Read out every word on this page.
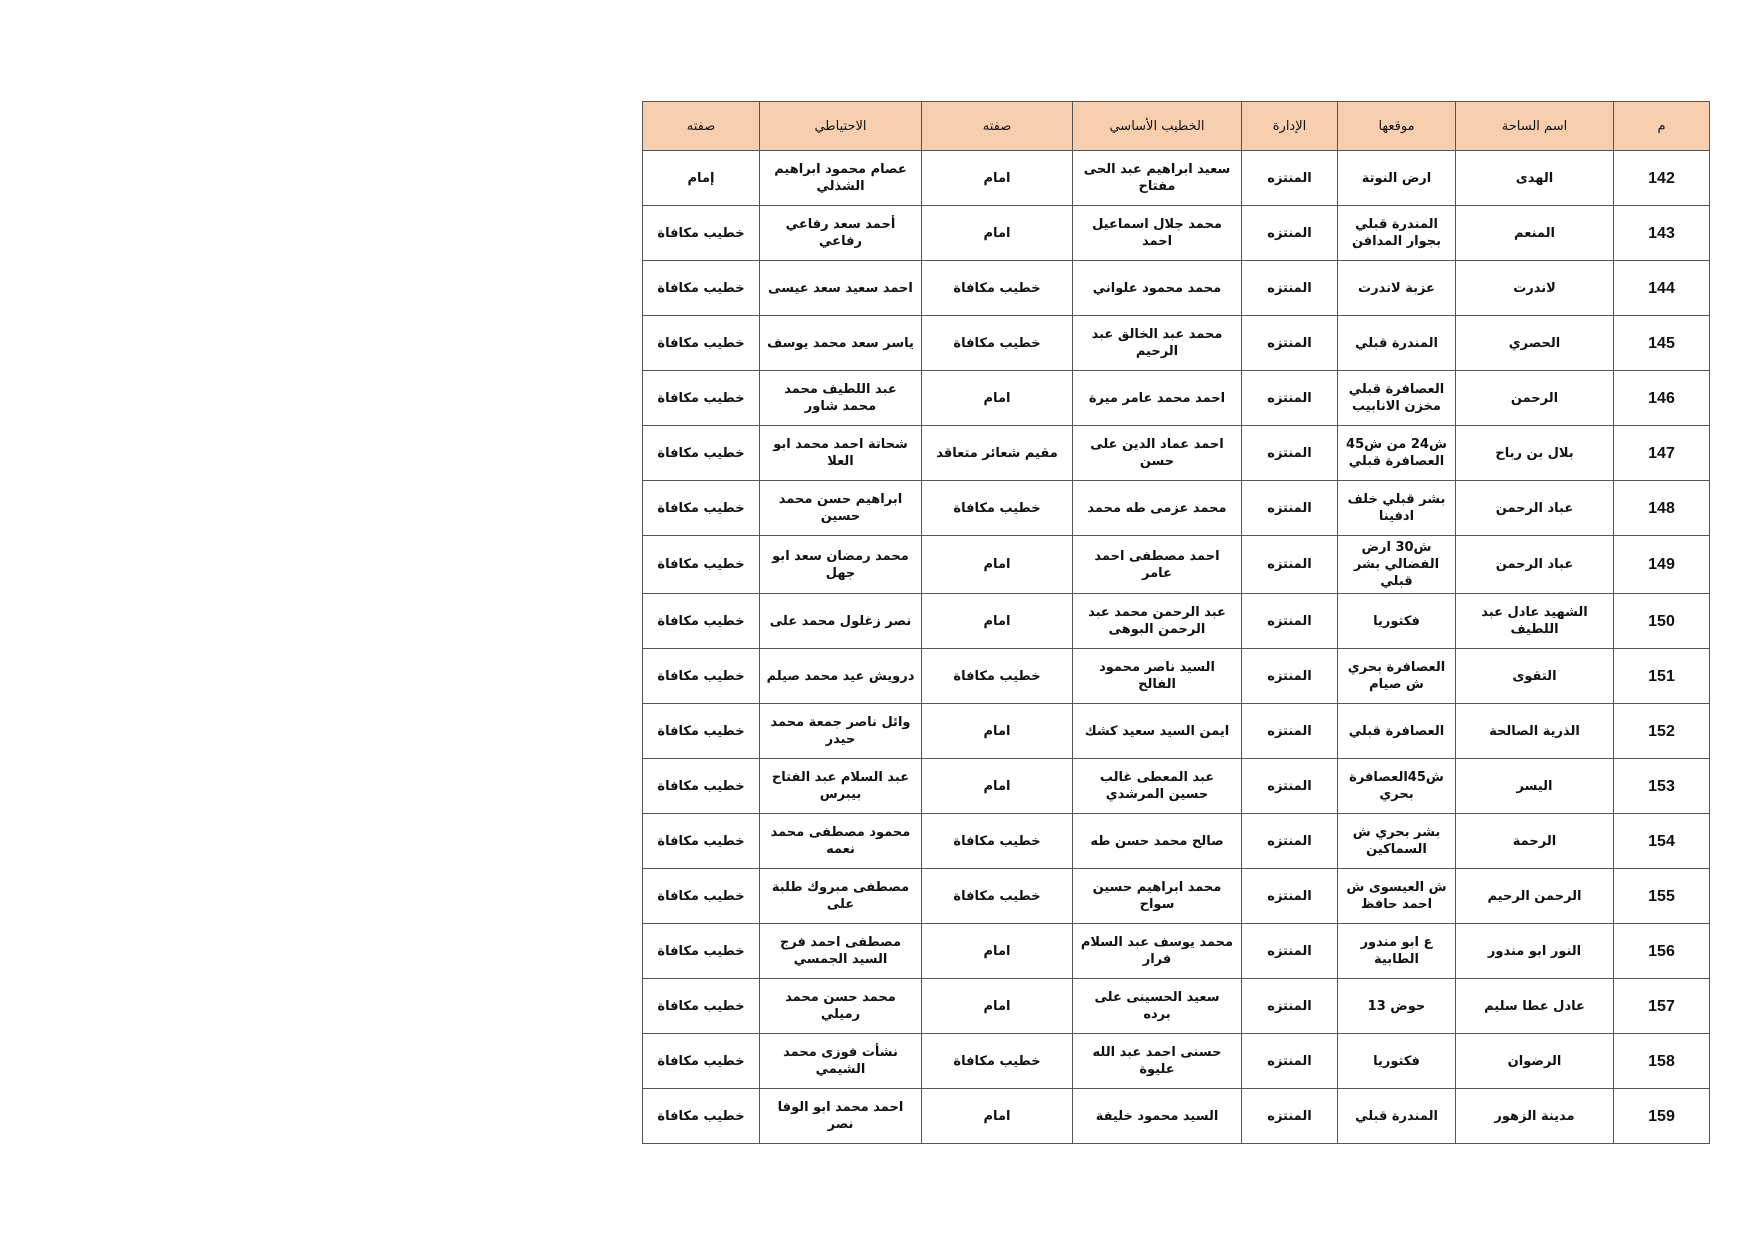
م	اسم الساحة	موقعها	الإدارة	الخطيب الأساسي	صفته	الاحتياطي	صفته
142	الهدى	ارض النوتة	المنتزه	سعيد ابراهيم عبد الحى مفتاح	امام	عصام محمود ابراهيم الشذلي	إمام
143	المنعم	المندرة قبلي بجوار المدافن	المنتزه	محمد جلال اسماعيل احمد	امام	أحمد سعد رفاعي رفاعي	خطيب مكافاة
144	لاندرت	عزبة لاندرت	المنتزه	محمد محمود علواني	خطيب مكافاة	احمد سعيد سعد عيسى	خطيب مكافاة
145	الحصري	المندرة قبلي	المنتزه	محمد عبد الخالق عبد الرحيم	خطيب مكافاة	ياسر سعد محمد يوسف	خطيب مكافاة
146	الرحمن	العصافرة قبلي مخزن الانابيب	المنتزه	احمد محمد عامر ميرة	امام	عبد اللطيف محمد محمد شاور	خطيب مكافاة
147	بلال بن رباح	ش24 من ش45 العصافرة قبلي	المنتزه	احمد عماد الدين على حسن	مقيم شعائر متعاقد	شحاتة احمد محمد ابو العلا	خطيب مكافاة
148	عباد الرحمن	بشر قبلي خلف ادفينا	المنتزه	محمد عزمى طه محمد	خطيب مكافاة	ابراهيم حسن محمد حسين	خطيب مكافاة
149	عباد الرحمن	ش30 ارض الفضالي بشر قبلي	المنتزه	احمد مصطفى احمد عامر	امام	محمد رمضان سعد ابو جهل	خطيب مكافاة
150	الشهيد عادل عبد اللطيف	فكتوريا	المنتزه	عبد الرحمن محمد عبد الرحمن البوهى	امام	نصر زغلول محمد على	خطيب مكافاة
151	التقوى	العصافرة بحري ش صيام	المنتزه	السيد ناصر محمود الفالح	خطيب مكافاة	درويش عيد محمد صيلم	خطيب مكافاة
152	الذرية الصالحة	العصافرة قبلي	المنتزه	ايمن السيد سعيد كشك	امام	وائل ناصر جمعة محمد حيدر	خطيب مكافاة
153	اليسر	ش45العصافرة بحري	المنتزه	عبد المعطى غالب حسين المرشدي	امام	عبد السلام عبد الفتاح بيبرس	خطيب مكافاة
154	الرحمة	بشر بحري ش السماكين	المنتزه	صالح محمد حسن طه	خطيب مكافاة	محمود مصطفى محمد نعمه	خطيب مكافاة
155	الرحمن الرحيم	ش العيسوى ش احمد حافظ	المنتزه	محمد ابراهيم حسين سواح	خطيب مكافاة	مصطفى مبروك طلبة على	خطيب مكافاة
156	النور ابو مندور	ع ابو مندور الطابية	المنتزه	محمد يوسف عبد السلام فرار	امام	مصطفى احمد فرج السيد الجمسي	خطيب مكافاة
157	عادل عطا سليم	حوض 13	المنتزه	سعيد الحسينى على برده	امام	محمد حسن محمد رميلي	خطيب مكافاة
158	الرضوان	فكتوريا	المنتزه	حسنى احمد عبد الله عليوة	خطيب مكافاة	نشأت فوزى محمد الشيمي	خطيب مكافاة
159	مدينة الزهور	المندرة قبلي	المنتزه	السيد محمود خليفة	امام	احمد محمد ابو الوفا نصر	خطيب مكافاة
